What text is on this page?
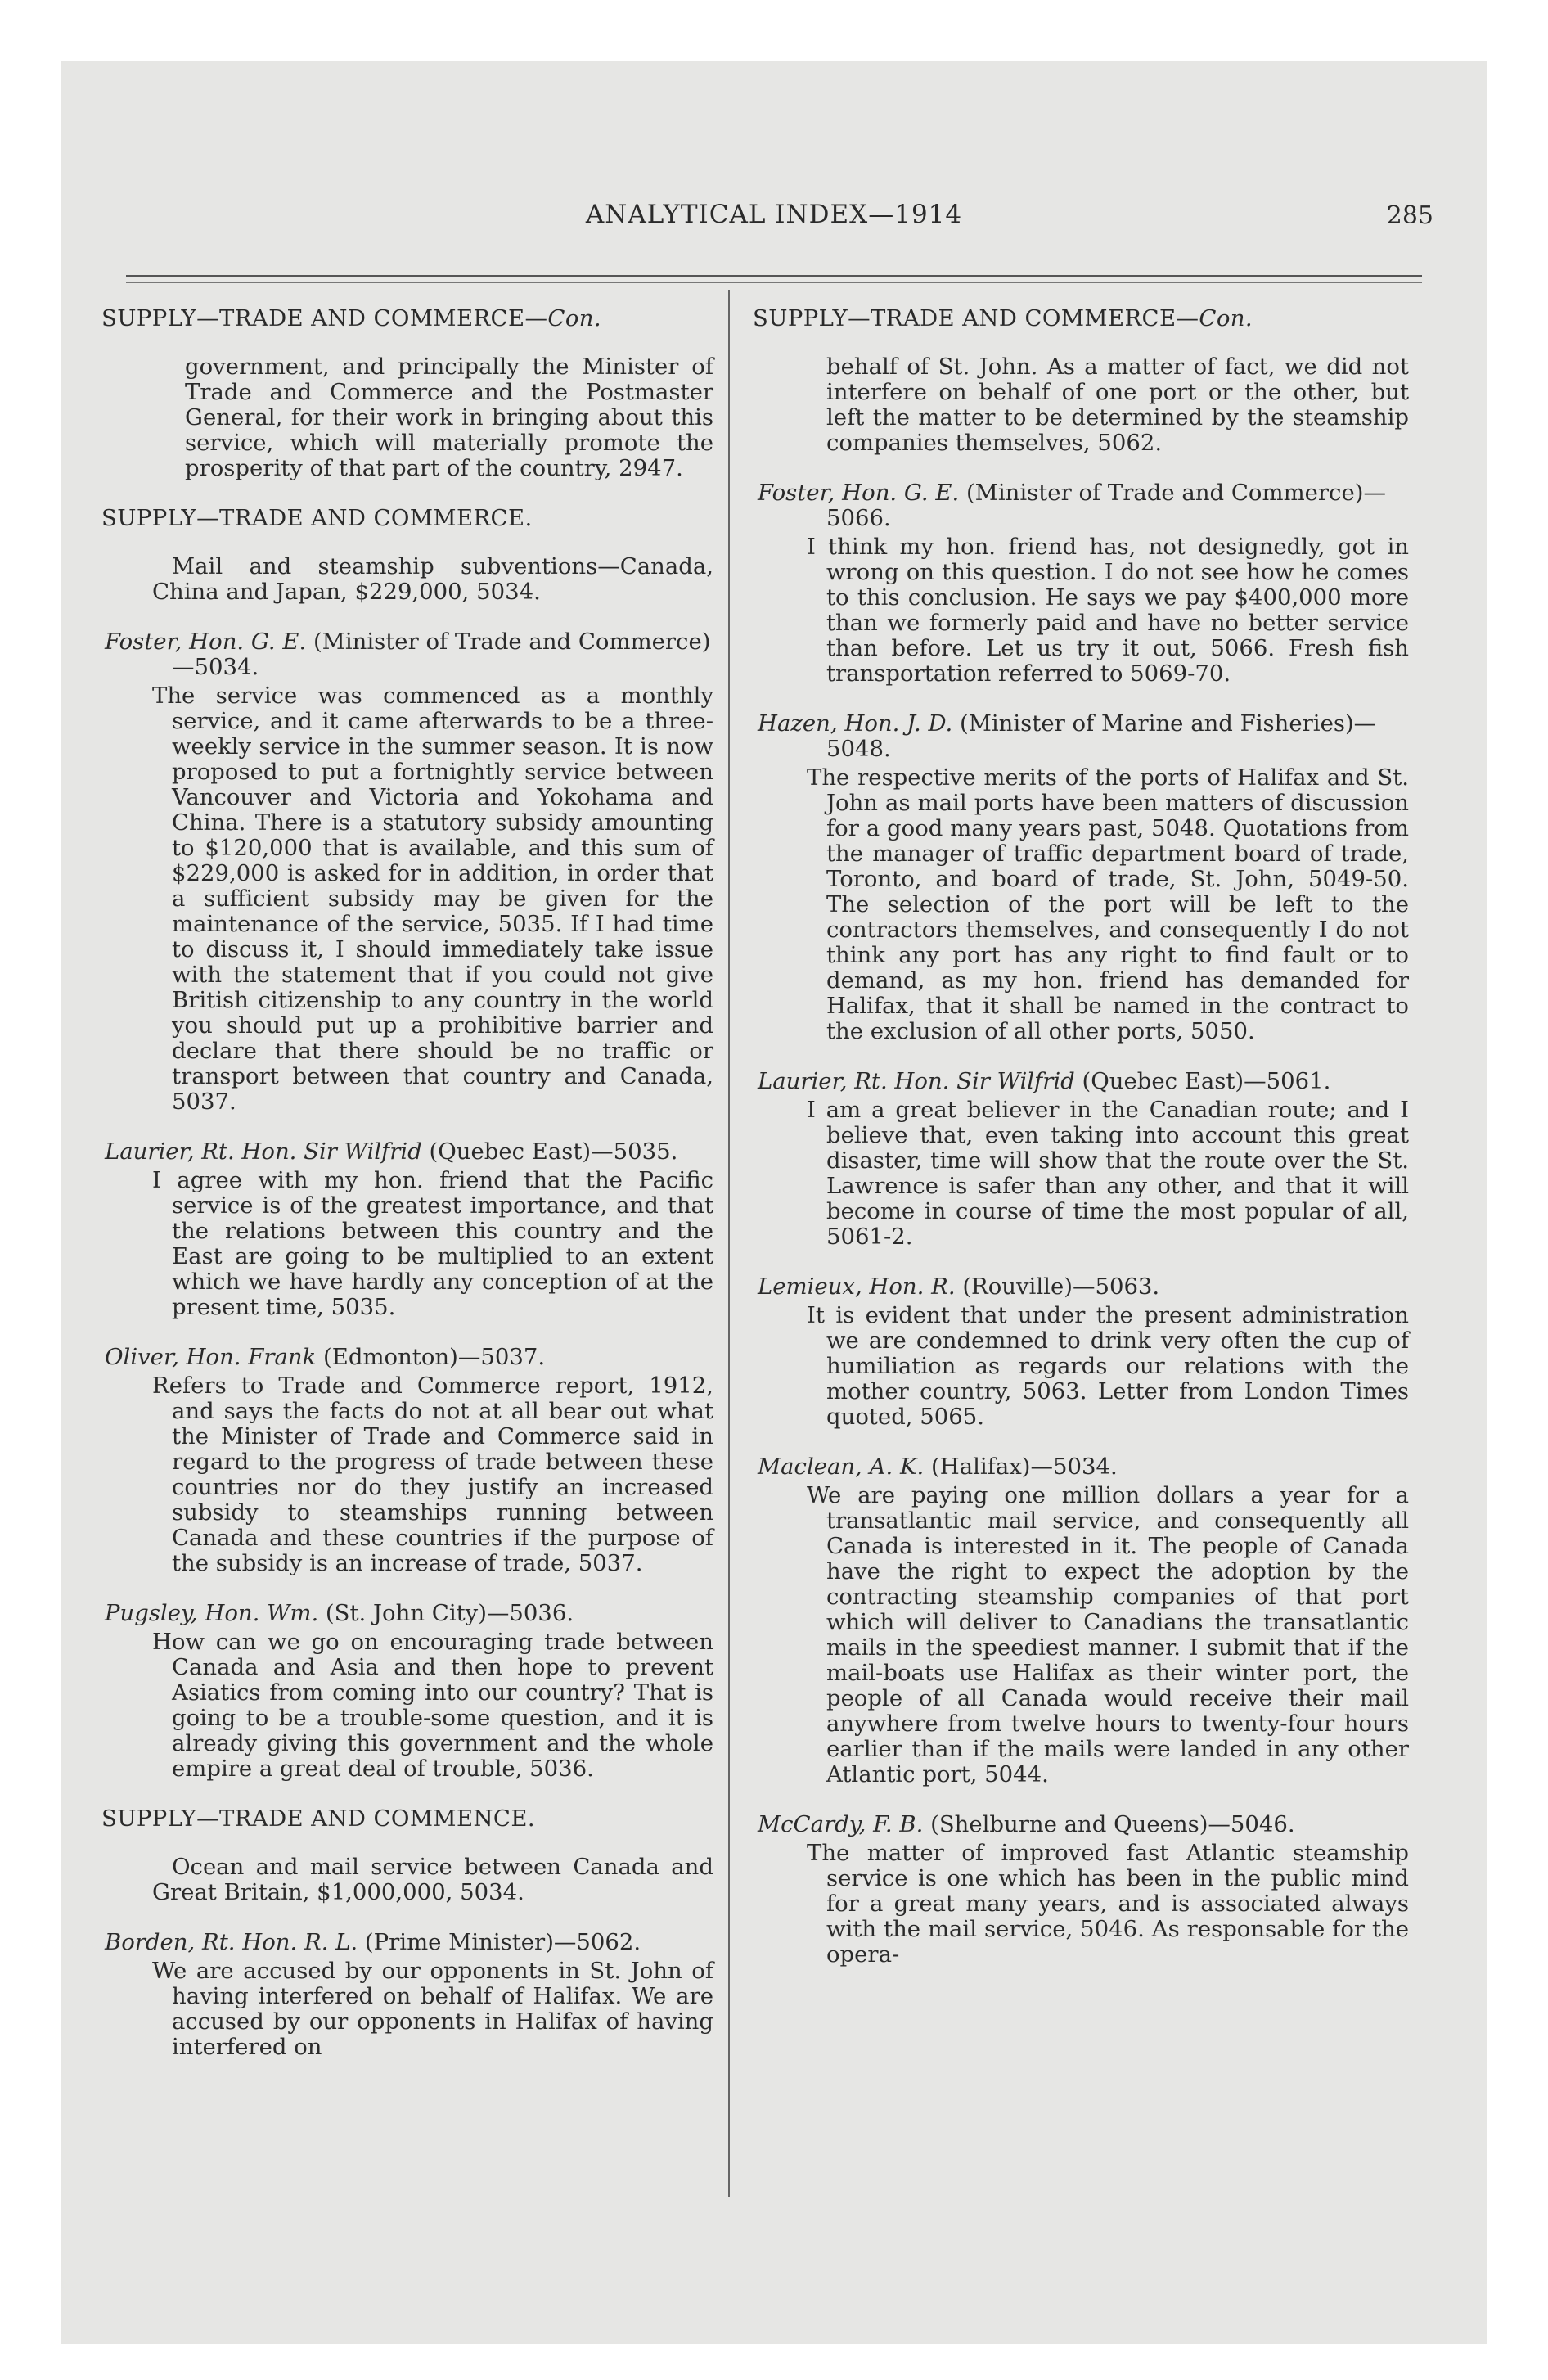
ANALYTICAL INDEX—1914	285
SUPPLY—TRADE AND COMMERCE—Con.
government, and principally the Minister of Trade and Commerce and the Postmaster General, for their work in bringing about this service, which will materially promote the prosperity of that part of the country, 2947.
SUPPLY—TRADE AND COMMERCE.
Mail and steamship subventions—Canada, China and Japan, $229,000, 5034.

Foster, Hon. G. E. (Minister of Trade and Commerce)—5034.

The service was commenced as a monthly service, and it came afterwards to be a three-weekly service in the summer season. It is now proposed to put a fortnightly service between Vancouver and Victoria and Yokohama and China. There is a statutory subsidy amounting to $120,000 that is available, and this sum of $229,000 is asked for in addition, in order that a sufficient subsidy may be given for the maintenance of the service, 5035. If I had time to discuss it, I should immediately take issue with the statement that if you could not give British citizenship to any country in the world you should put up a prohibitive barrier and declare that there should be no traffic or transport between that country and Canada, 5037.

Laurier, Rt. Hon. Sir Wilfrid (Quebec East)—5035.

I agree with my hon. friend that the Pacific service is of the greatest importance, and that the relations between this country and the East are going to be multiplied to an extent which we have hardly any conception of at the present time, 5035.

Oliver, Hon. Frank (Edmonton)—5037.

Refers to Trade and Commerce report, 1912, and says the facts do not at all bear out what the Minister of Trade and Commerce said in regard to the progress of trade between these countries nor do they justify an increased subsidy to steamships running between Canada and these countries if the purpose of the subsidy is an increase of trade, 5037.

Pugsley, Hon. Wm. (St. John City)—5036.

How can we go on encouraging trade between Canada and Asia and then hope to prevent Asiatics from coming into our country? That is going to be a trouble-some question, and it is already giving this government and the whole empire a great deal of trouble, 5036.

SUPPLY—TRADE AND COMMENCE.
Ocean and mail service between Canada and Great Britain, $1,000,000, 5034.

Borden, Rt. Hon. R. L. (Prime Minister)—5062.

We are accused by our opponents in St. John of having interfered on behalf of Halifax. We are accused by our opponents in Halifax of having interfered on

SUPPLY—TRADE AND COMMERCE—Con.
behalf of St. John. As a matter of fact, we did not interfere on behalf of one port or the other, but left the matter to be determined by the steamship companies themselves, 5062.

Foster, Hon. G. E. (Minister of Trade and Commerce)—5066.

I think my hon. friend has, not designedly, got in wrong on this question. I do not see how he comes to this conclusion. He says we pay $400,000 more than we formerly paid and have no better service than before. Let us try it out, 5066. Fresh fish transportation referred to 5069-70.

Hazen, Hon. J. D. (Minister of Marine and Fisheries)—5048.

The respective merits of the ports of Halifax and St. John as mail ports have been matters of discussion for a good many years past, 5048. Quotations from the manager of traffic department board of trade, Toronto, and board of trade, St. John, 5049-50. The selection of the port will be left to the contractors themselves, and consequently I do not think any port has any right to find fault or to demand, as my hon. friend has demanded for Halifax, that it shall be named in the contract to the exclusion of all other ports, 5050.

Laurier, Rt. Hon. Sir Wilfrid (Quebec East)—5061.

I am a great believer in the Canadian route; and I believe that, even taking into account this great disaster, time will show that the route over the St. Lawrence is safer than any other, and that it will become in course of time the most popular of all, 5061-2.

Lemieux, Hon. R. (Rouville)—5063.

It is evident that under the present administration we are condemned to drink very often the cup of humiliation as regards our relations with the mother country, 5063. Letter from London Times quoted, 5065.

Maclean, A. K. (Halifax)—5034.

We are paying one million dollars a year for a transatlantic mail service, and consequently all Canada is interested in it. The people of Canada have the right to expect the adoption by the contracting steamship companies of that port which will deliver to Canadians the transatlantic mails in the speediest manner. I submit that if the mail-boats use Halifax as their winter port, the people of all Canada would receive their mail anywhere from twelve hours to twenty-four hours earlier than if the mails were landed in any other Atlantic port, 5044.

McCardy, F. B. (Shelburne and Queens)—5046.

The matter of improved fast Atlantic steamship service is one which has been in the public mind for a great many years, and is associated always with the mail service, 5046. As responsable for the opera-
